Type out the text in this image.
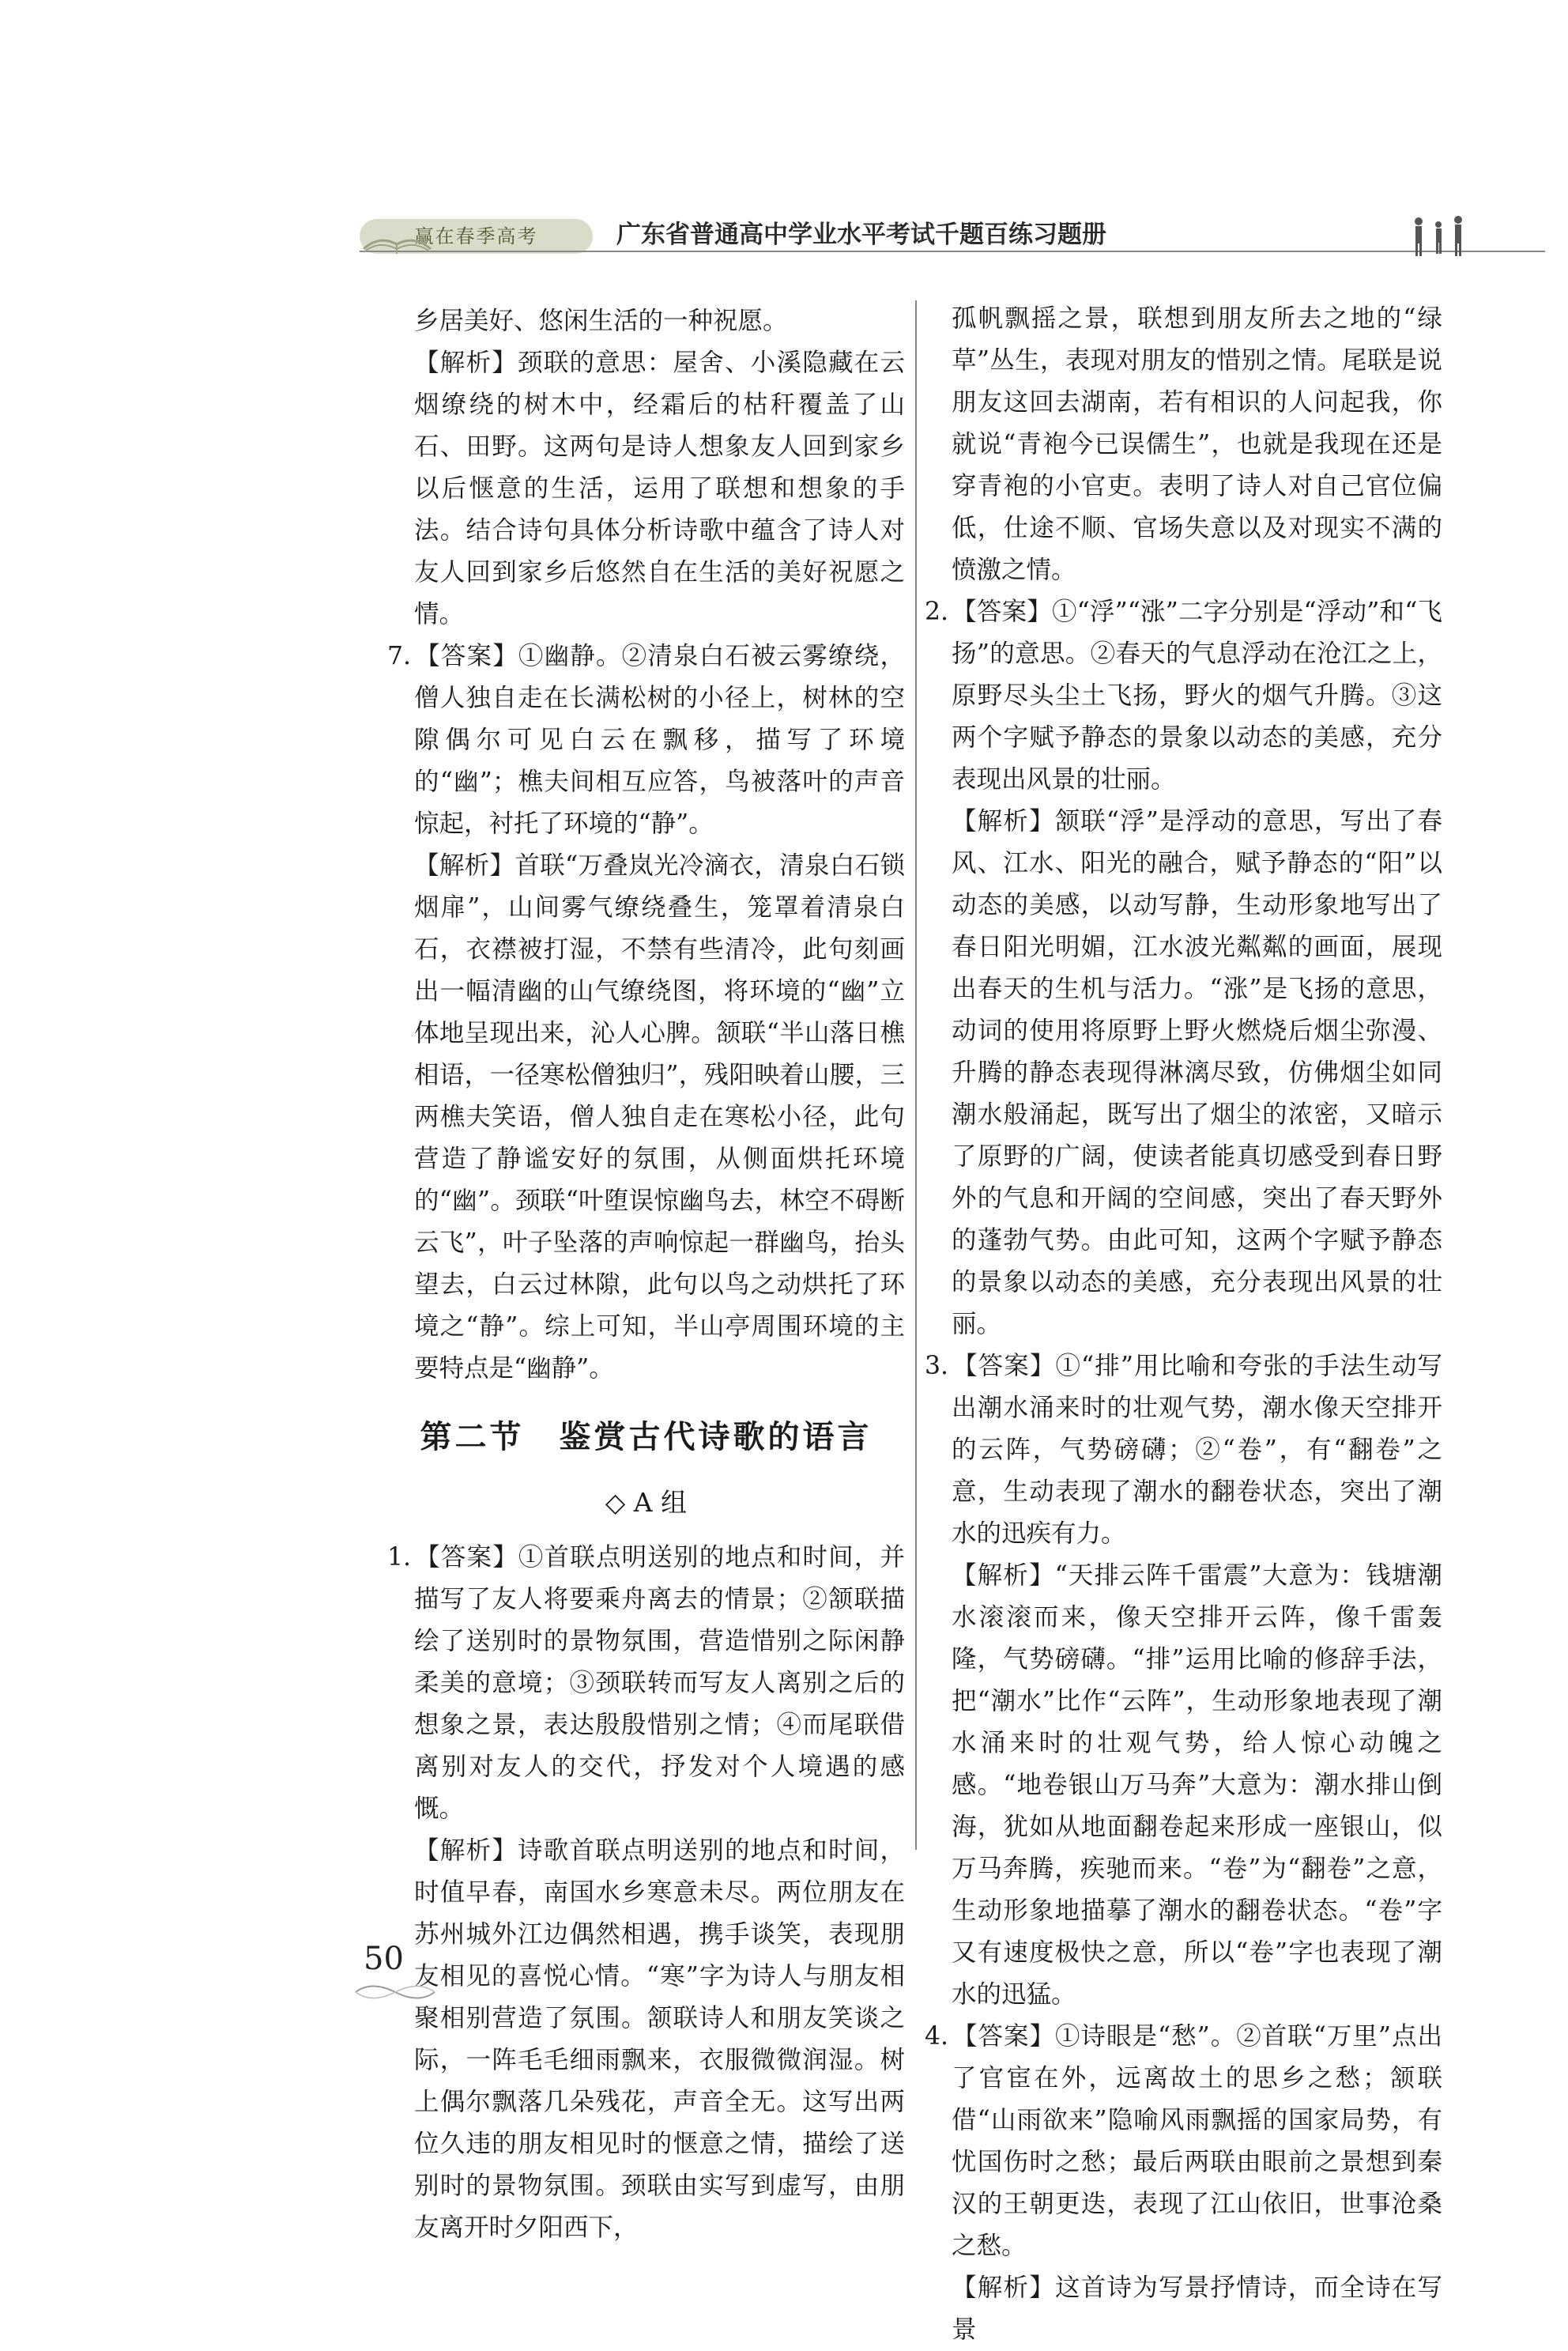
赢在春季高考	广东省普通高中学业水平考试千题百练习题册

乡居美好、悠闲生活的一种祝愿。

【解析】颈联的意思：屋舍、小溪隐藏在云烟缭绕的树木中，经霜后的枯秆覆盖了山石、田野。这两句是诗人想象友人回到家乡以后惬意的生活，运用了联想和想象的手法。结合诗句具体分析诗歌中蕴含了诗人对友人回到家乡后悠然自在生活的美好祝愿之情。

7. 【答案】①幽静。②清泉白石被云雾缭绕，僧人独自走在长满松树的小径上，树林的空隙偶尔可见白云在飘移，描写了环境的“幽”；樵夫间相互应答，鸟被落叶的声音惊起，衬托了环境的“静”。

【解析】首联“万叠岚光冷滴衣，清泉白石锁烟扉”，山间雾气缭绕叠生，笼罩着清泉白石，衣襟被打湿，不禁有些清冷，此句刻画出一幅清幽的山气缭绕图，将环境的“幽”立体地呈现出来，沁人心脾。颔联“半山落日樵相语，一径寒松僧独归”，残阳映着山腰，三两樵夫笑语，僧人独自走在寒松小径，此句营造了静谧安好的氛围，从侧面烘托环境的“幽”。颈联“叶堕误惊幽鸟去，林空不碍断云飞”，叶子坠落的声响惊起一群幽鸟，抬头望去，白云过林隙，此句以鸟之动烘托了环境之“静”。综上可知，半山亭周围环境的主要特点是“幽静”。

第二节　鉴赏古代诗歌的语言
◇ A 组
1. 【答案】①首联点明送别的地点和时间，并描写了友人将要乘舟离去的情景；②颔联描绘了送别时的景物氛围，营造惜别之际闲静柔美的意境；③颈联转而写友人离别之后的想象之景，表达殷殷惜别之情；④而尾联借离别对友人的交代，抒发对个人境遇的感慨。

【解析】诗歌首联点明送别的地点和时间，时值早春，南国水乡寒意未尽。两位朋友在苏州城外江边偶然相遇，携手谈笑，表现朋友相见的喜悦心情。“寒”字为诗人与朋友相聚相别营造了氛围。颔联诗人和朋友笑谈之际，一阵毛毛细雨飘来，衣服微微润湿。树上偶尔飘落几朵残花，声音全无。这写出两位久违的朋友相见时的惬意之情，描绘了送别时的景物氛围。颈联由实写到虚写，由朋友离开时夕阳西下，

孤帆飘摇之景，联想到朋友所去之地的“绿草”丛生，表现对朋友的惜别之情。尾联是说朋友这回去湖南，若有相识的人问起我，你就说“青袍今已误儒生”，也就是我现在还是穿青袍的小官吏。表明了诗人对自己官位偏低，仕途不顺、官场失意以及对现实不满的愤激之情。

2. 【答案】①“浮”“涨”二字分别是“浮动”和“飞扬”的意思。②春天的气息浮动在沧江之上，原野尽头尘土飞扬，野火的烟气升腾。③这两个字赋予静态的景象以动态的美感，充分表现出风景的壮丽。

【解析】颔联“浮”是浮动的意思，写出了春风、江水、阳光的融合，赋予静态的“阳”以动态的美感，以动写静，生动形象地写出了春日阳光明媚，江水波光粼粼的画面，展现出春天的生机与活力。“涨”是飞扬的意思，动词的使用将原野上野火燃烧后烟尘弥漫、升腾的静态表现得淋漓尽致，仿佛烟尘如同潮水般涌起，既写出了烟尘的浓密，又暗示了原野的广阔，使读者能真切感受到春日野外的气息和开阔的空间感，突出了春天野外的蓬勃气势。由此可知，这两个字赋予静态的景象以动态的美感，充分表现出风景的壮丽。

3. 【答案】①“排”用比喻和夸张的手法生动写出潮水涌来时的壮观气势，潮水像天空排开的云阵，气势磅礴；②“卷”，有“翻卷”之意，生动表现了潮水的翻卷状态，突出了潮水的迅疾有力。

【解析】“天排云阵千雷震”大意为：钱塘潮水滚滚而来，像天空排开云阵，像千雷轰隆，气势磅礴。“排”运用比喻的修辞手法，把“潮水”比作“云阵”，生动形象地表现了潮水涌来时的壮观气势，给人惊心动魄之感。“地卷银山万马奔”大意为：潮水排山倒海，犹如从地面翻卷起来形成一座银山，似万马奔腾，疾驰而来。“卷”为“翻卷”之意，生动形象地描摹了潮水的翻卷状态。“卷”字又有速度极快之意，所以“卷”字也表现了潮水的迅猛。

4. 【答案】①诗眼是“愁”。②首联“万里”点出了官宦在外，远离故土的思乡之愁；颔联借“山雨欲来”隐喻风雨飘摇的国家局势，有忧国伤时之愁；最后两联由眼前之景想到秦汉的王朝更迭，表现了江山依旧，世事沧桑之愁。

【解析】这首诗为写景抒情诗，而全诗在写景

50
